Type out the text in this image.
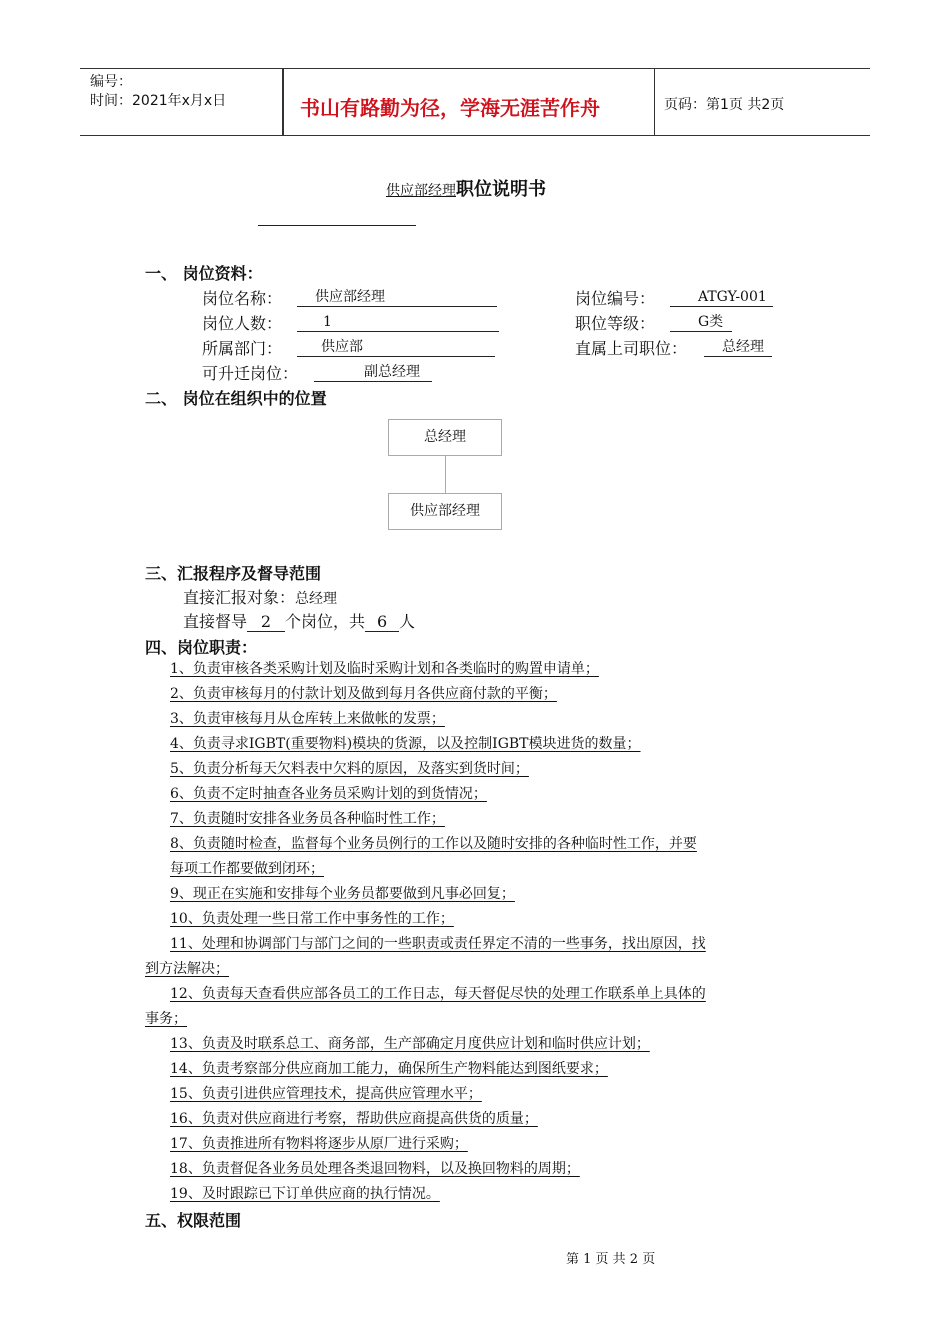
编号：
时间：2021年x月x日	书山有路勤为径，学海无涯苦作舟	页码：第1页 共2页
供应部经理职位说明书
一、 岗位资料：
岗位名称：	供应部经理	岗位编号：	ATGY-001
岗位人数：	1	职位等级：	G类
所属部门：	供应部	直属上司职位：	总经理
可升迁岗位：	副总经理
二、 岗位在组织中的位置
总经理
供应部经理
三、汇报程序及督导范围
直接汇报对象：总经理
直接督导 2 个岗位，共 6 人
四、岗位职责：
1、负责审核各类采购计划及临时采购计划和各类临时的购置申请单；
2、负责审核每月的付款计划及做到每月各供应商付款的平衡；
3、负责审核每月从仓库转上来做帐的发票；
4、负责寻求IGBT(重要物料)模块的货源，以及控制IGBT模块进货的数量；
5、负责分析每天欠料表中欠料的原因，及落实到货时间；
6、负责不定时抽查各业务员采购计划的到货情况；
7、负责随时安排各业务员各种临时性工作；
8、负责随时检查，监督每个业务员例行的工作以及随时安排的各种临时性工作，并要
每项工作都要做到闭环；
9、现正在实施和安排每个业务员都要做到凡事必回复；
10、负责处理一些日常工作中事务性的工作；
11、处理和协调部门与部门之间的一些职责或责任界定不清的一些事务，找出原因，找
到方法解决；
12、负责每天查看供应部各员工的工作日志，每天督促尽快的处理工作联系单上具体的
事务；
13、负责及时联系总工、商务部，生产部确定月度供应计划和临时供应计划；
14、负责考察部分供应商加工能力，确保所生产物料能达到图纸要求；
15、负责引进供应管理技术，提高供应管理水平；
16、负责对供应商进行考察，帮助供应商提高供货的质量；
17、负责推进所有物料将逐步从原厂进行采购；
18、负责督促各业务员处理各类退回物料，以及换回物料的周期；
19、及时跟踪已下订单供应商的执行情况。
五、权限范围
第 1 页 共 2 页
